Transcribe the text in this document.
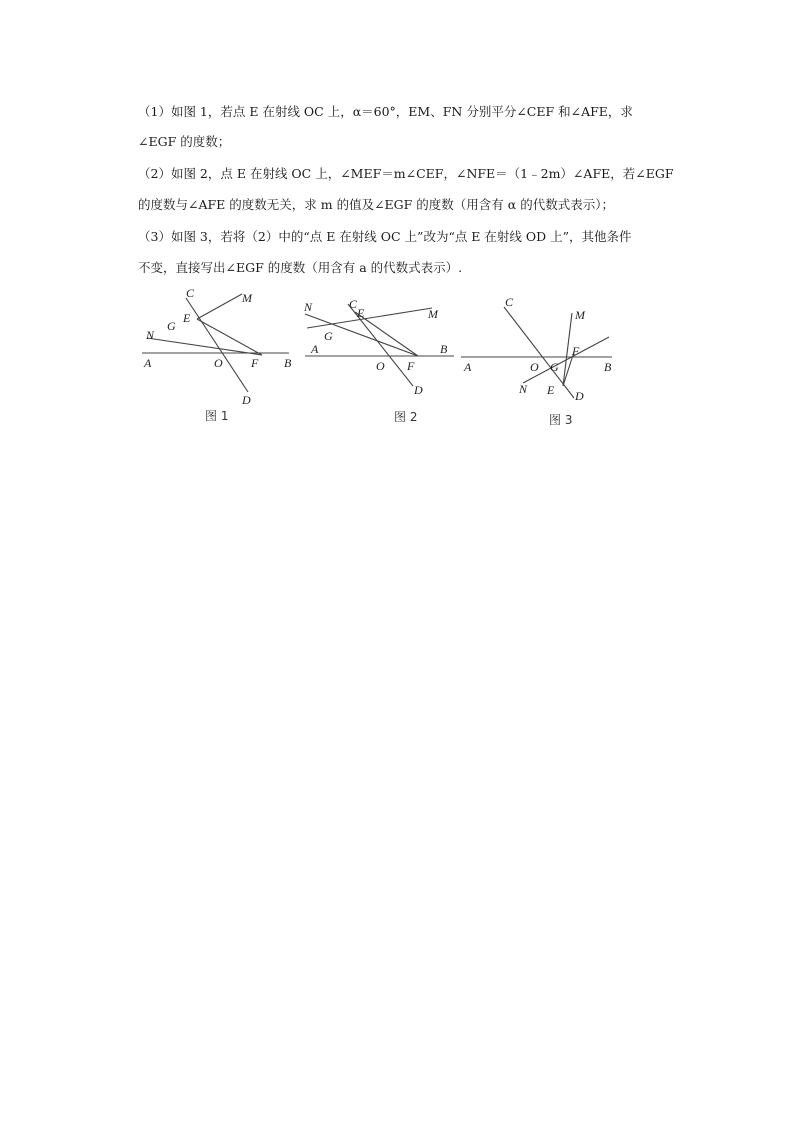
（1）如图 1，若点 E 在射线 OC 上，α＝60°，EM、FN 分别平分∠CEF 和∠AFE，求
∠EGF 的度数；
（2）如图 2，点 E 在射线 OC 上，∠MEF＝m∠CEF，∠NFE＝（1﹣2m）∠AFE，若∠EGF
的度数与∠AFE 的度数无关，求 m 的值及∠EGF 的度数（用含有 α 的代数式表示）；
（3）如图 3，若将（2）中的“点 E 在射线 OC 上”改为“点 E 在射线 OD 上”，其他条件
不变，直接写出∠EGF 的度数（用含有 a 的代数式表示）.
C	M
E
G
N
A	O F B
D
图 1
N	C
E	M
G
A	B
O F
D
图 2
C
M
F
A	O G	B
N E D
图 3
